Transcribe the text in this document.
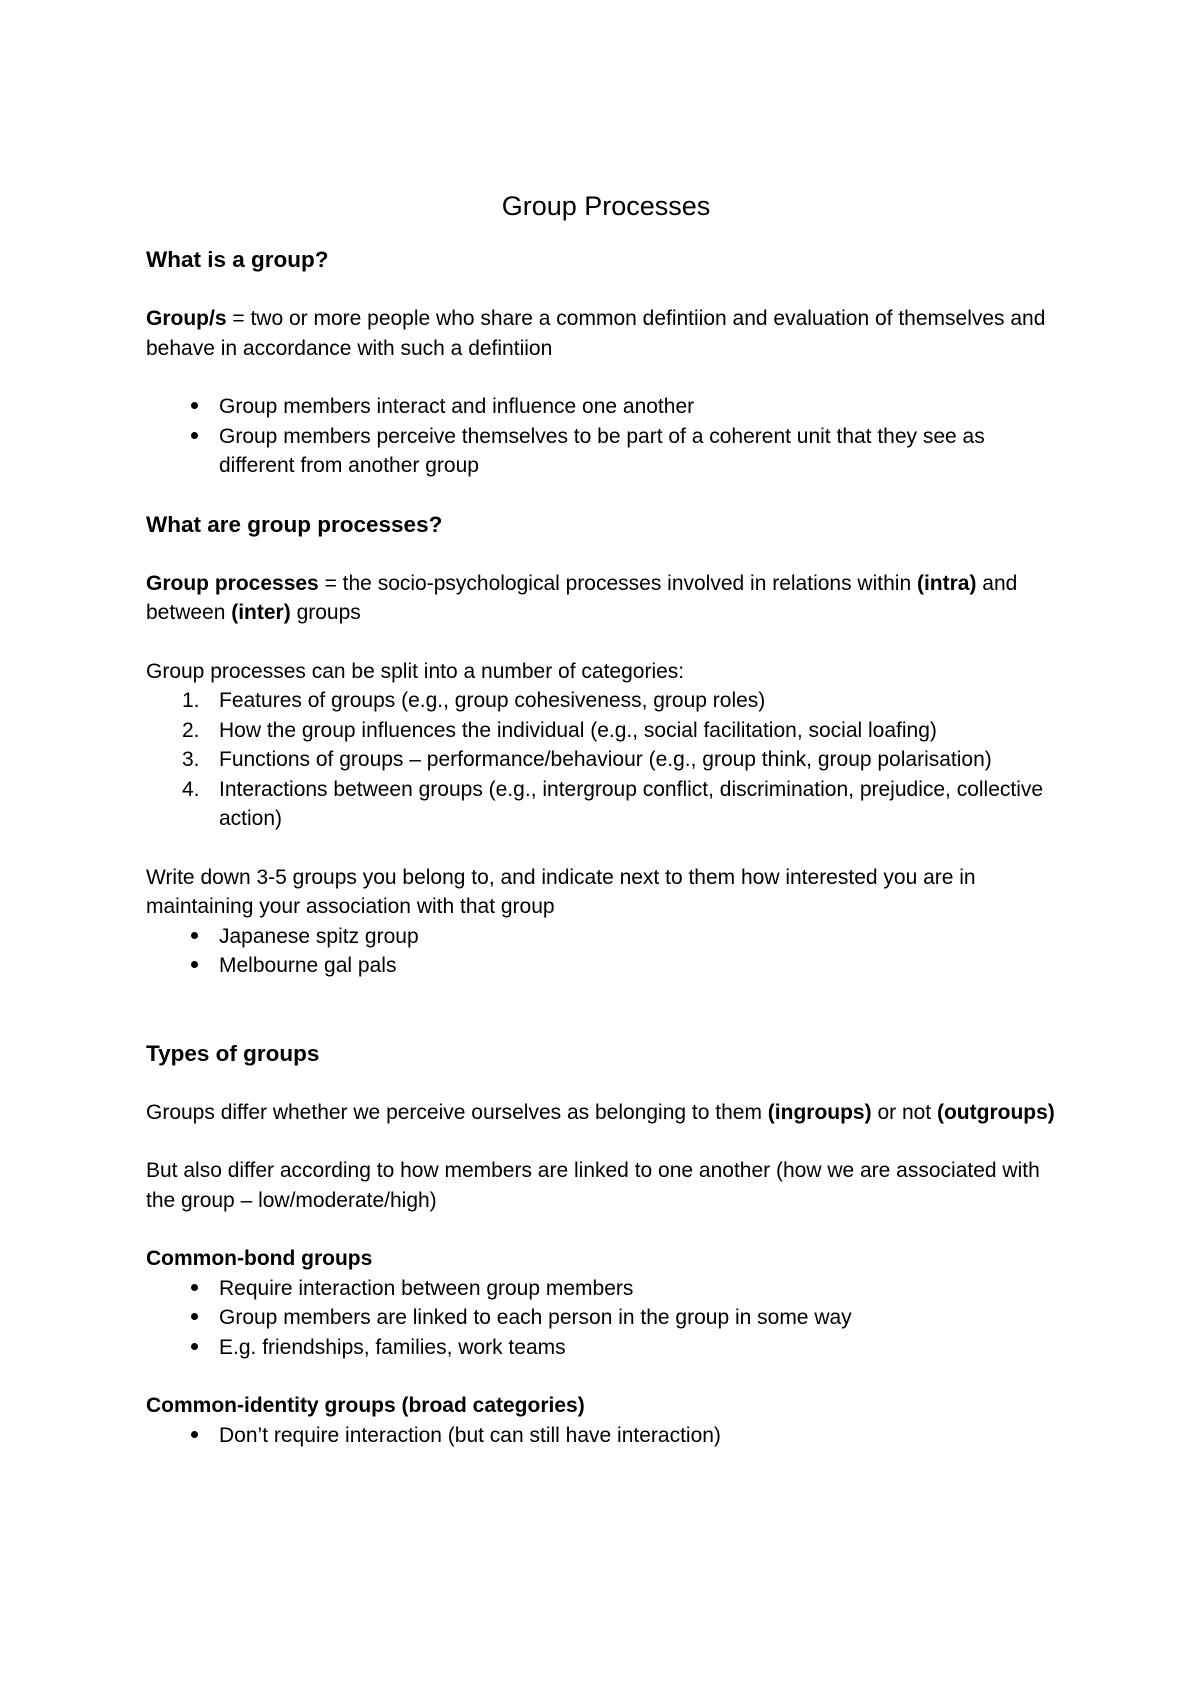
Group Processes
What is a group?

Group/s = two or more people who share a common defintiion and evaluation of themselves and behave in accordance with such a defintiion

Group members interact and influence one another
Group members perceive themselves to be part of a coherent unit that they see as different from another group
What are group processes?

Group processes = the socio-psychological processes involved in relations within (intra) and between (inter) groups

Group processes can be split into a number of categories:

1. Features of groups (e.g., group cohesiveness, group roles)
2. How the group influences the individual (e.g., social facilitation, social loafing)
3. Functions of groups – performance/behaviour (e.g., group think, group polarisation)
4. Interactions between groups (e.g., intergroup conflict, discrimination, prejudice, collective action)

Write down 3-5 groups you belong to, and indicate next to them how interested you are in maintaining your association with that group

Japanese spitz group
Melbourne gal pals
Types of groups

Groups differ whether we perceive ourselves as belonging to them (ingroups) or not (outgroups)

But also differ according to how members are linked to one another (how we are associated with the group – low/moderate/high)

Common-bond groups
Require interaction between group members
Group members are linked to each person in the group in some way
E.g. friendships, families, work teams
Common-identity groups (broad categories)
Don’t require interaction (but can still have interaction)
